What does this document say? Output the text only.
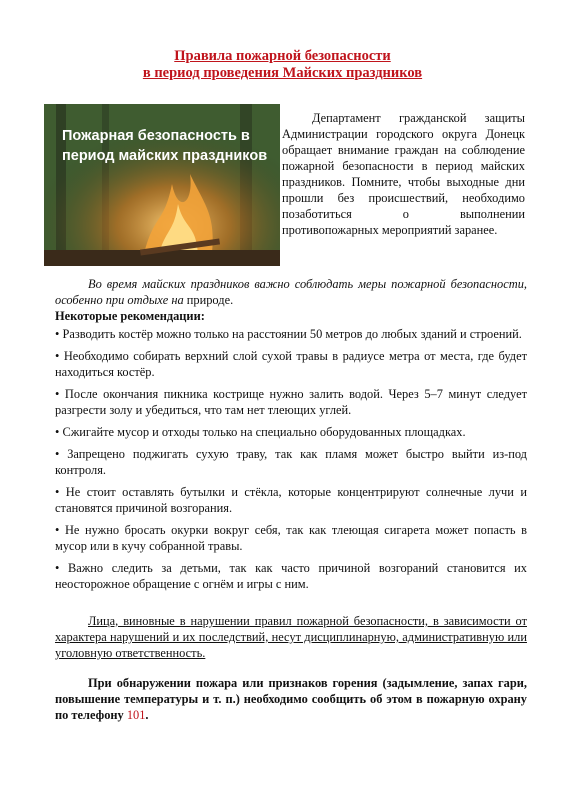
Правила пожарной безопасности
в период проведения Майских праздников
Пожарная безопасность в период майских праздников

Департамент гражданской защиты Администрации городского округа Донецк обращает внимание граждан на соблюдение пожарной безопасности в период майских праздников. Помните, чтобы выходные дни прошли без происшествий, необходимо позаботиться о выполнении противопожарных мероприятий заранее.

Во время майских праздников важно соблюдать меры пожарной безопасности, особенно при отдыхе на природе.

Некоторые рекомендации:
• Разводить костёр можно только на расстоянии 50 метров до любых зданий и строений.
• Необходимо собирать верхний слой сухой травы в радиусе метра от места, где будет находиться костёр.
• После окончания пикника кострище нужно залить водой. Через 5–7 минут следует разгрести золу и убедиться, что там нет тлеющих углей.
• Сжигайте мусор и отходы только на специально оборудованных площадках.
• Запрещено поджигать сухую траву, так как пламя может быстро выйти из-под контроля.
• Не стоит оставлять бутылки и стёкла, которые концентрируют солнечные лучи и становятся причиной возгорания.
• Не нужно бросать окурки вокруг себя, так как тлеющая сигарета может попасть в мусор или в кучу собранной травы.
• Важно следить за детьми, так как часто причиной возгораний становится их неосторожное обращение с огнём и игры с ним.

Лица, виновные в нарушении правил пожарной безопасности, в зависимости от характера нарушений и их последствий, несут дисциплинарную, административную или уголовную ответственность.

При обнаружении пожара или признаков горения (задымление, запах гари, повышение температуры и т. п.) необходимо сообщить об этом в пожарную охрану по телефону 101.
